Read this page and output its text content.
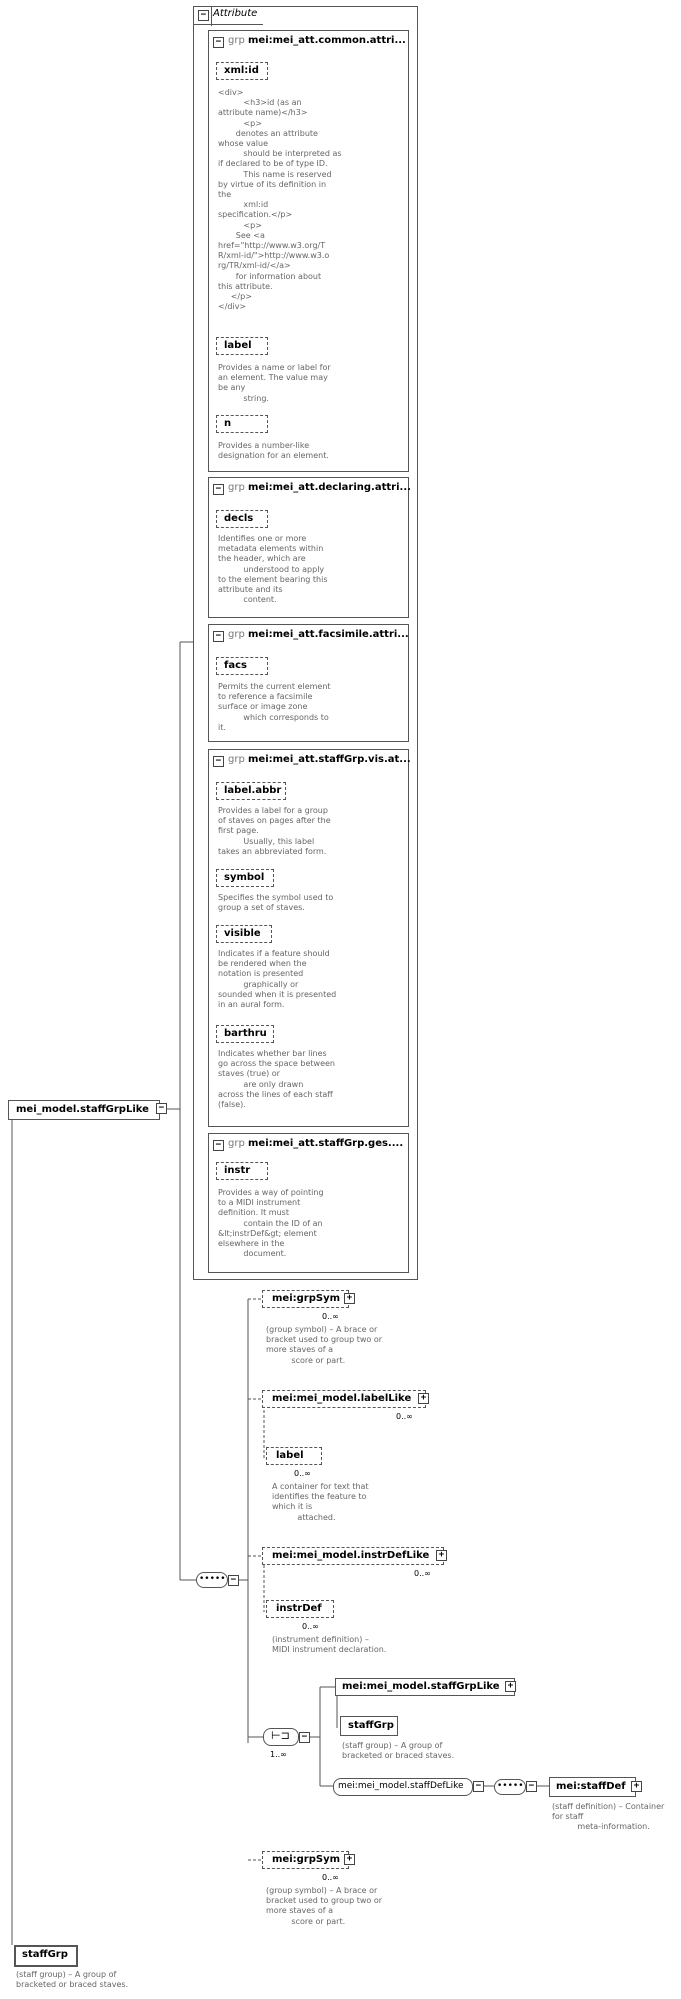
− Attribute
− grp mei:mei_att.common.attri...
xml:id
<div>
<h3>id (as an
attribute name)</h3>
<p>
denotes an attribute
whose value
should be interpreted as
if declared to be of type ID.
This name is reserved
by virtue of its definition in
the
xml:id
specification.</p>
<p>
See <a
href="http://www.w3.org/T
R/xml-id/">http://www.w3.o
rg/TR/xml-id/</a>
for information about
this attribute.
</p>
</div>
label
Provides a name or label for
an element. The value may
be any
string.
n
Provides a number-like
designation for an element.
− grp mei:mei_att.declaring.attri...
decls
Identifies one or more
metadata elements within
the header, which are
understood to apply
to the element bearing this
attribute and its
content.
− grp mei:mei_att.facsimile.attri...
facs
Permits the current element
to reference a facsimile
surface or image zone
which corresponds to
it.
− grp mei:mei_att.staffGrp.vis.at...
label.abbr
Provides a label for a group
of staves on pages after the
first page.
Usually, this label
takes an abbreviated form.
symbol
Specifies the symbol used to
group a set of staves.
visible
Indicates if a feature should
be rendered when the
notation is presented
graphically or
sounded when it is presented
in an aural form.
barthru
Indicates whether bar lines
go across the space between
staves (true) or
are only drawn
across the lines of each staff
(false).
− grp mei:mei_att.staffGrp.ges....
instr
Provides a way of pointing
to a MIDI instrument
definition. It must
contain the ID of an
&lt;instrDef&gt; element
elsewhere in the
document.
mei_model.staffGrpLike	−
••••• −
mei:grpSym +
0..∞
(group symbol) – A brace or
bracket used to group two or
more staves of a
score or part.
mei:mei_model.labelLike	+
0..∞
label
0..∞
A container for text that
identifies the feature to
which it is
attached.
mei:mei_model.instrDefLike	+
0..∞
instrDef
0..∞
(instrument definition) –
MIDI instrument declaration.
⊢⊐	−
1..∞
mei:mei_model.staffGrpLike +
staffGrp
(staff group) – A group of
bracketed or braced staves.
mei:mei_model.staffDefLike	−	••••• − mei:staffDef +
(staff definition) – Container
for staff
meta-information.
mei:grpSym +
0..∞
(group symbol) – A brace or
bracket used to group two or
more staves of a
score or part.
staffGrp
(staff group) – A group of
bracketed or braced staves.
